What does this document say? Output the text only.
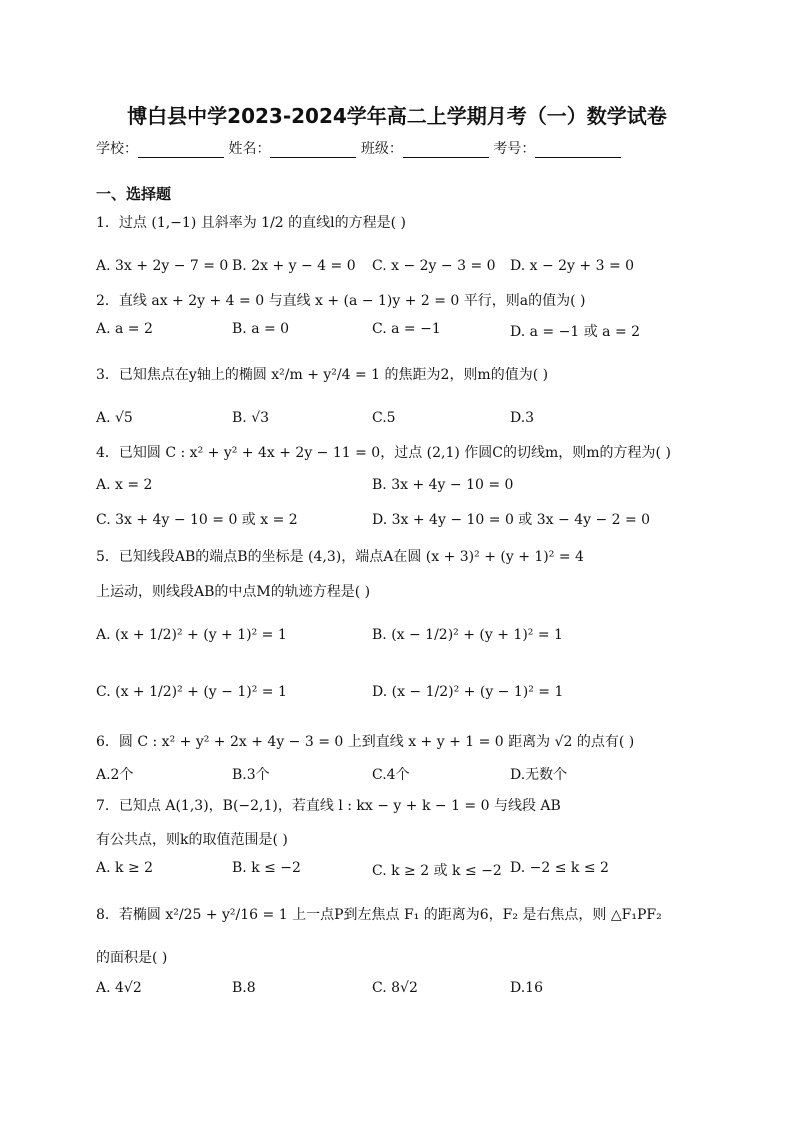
博白县中学2023-2024学年高二上学期月考（一）数学试卷
学校：	姓名：	班级：	考号：
一、选择题
1．过点 (1,−1) 且斜率为 1/2 的直线l的方程是( )
A. 3x + 2y − 7 = 0 B. 2x + y − 4 = 0 C. x − 2y − 3 = 0 D. x − 2y + 3 = 0
2．直线 ax + 2y + 4 = 0 与直线 x + (a − 1)y + 2 = 0 平行，则a的值为( )
A. a = 2	B. a = 0	C. a = −1	D. a = −1 或 a = 2
3．已知焦点在y轴上的椭圆 x²/m + y²/4 = 1 的焦距为2，则m的值为( )
A. √5	B. √3	C.5	D.3
4．已知圆 C : x² + y² + 4x + 2y − 11 = 0，过点 (2,1) 作圆C的切线m，则m的方程为( )
A. x = 2	B. 3x + 4y − 10 = 0
C. 3x + 4y − 10 = 0 或 x = 2	D. 3x + 4y − 10 = 0 或 3x − 4y − 2 = 0
5．已知线段AB的端点B的坐标是 (4,3)，端点A在圆 (x + 3)² + (y + 1)² = 4
上运动，则线段AB的中点M的轨迹方程是( )
A. (x + 1/2)² + (y + 1)² = 1	B. (x − 1/2)² + (y + 1)² = 1
C. (x + 1/2)² + (y − 1)² = 1	D. (x − 1/2)² + (y − 1)² = 1
6．圆 C : x² + y² + 2x + 4y − 3 = 0 上到直线 x + y + 1 = 0 距离为 √2 的点有( )
A.2个	B.3个	C.4个	D.无数个
7．已知点 A(1,3)，B(−2,1)，若直线 l : kx − y + k − 1 = 0 与线段 AB
有公共点，则k的取值范围是( )
A. k ≥ 2	B. k ≤ −2	C. k ≥ 2 或 k ≤ −2 D. −2 ≤ k ≤ 2
8．若椭圆 x²/25 + y²/16 = 1 上一点P到左焦点 F₁ 的距离为6，F₂ 是右焦点，则 △F₁PF₂
的面积是( )
A. 4√2	B.8	C. 8√2	D.16
